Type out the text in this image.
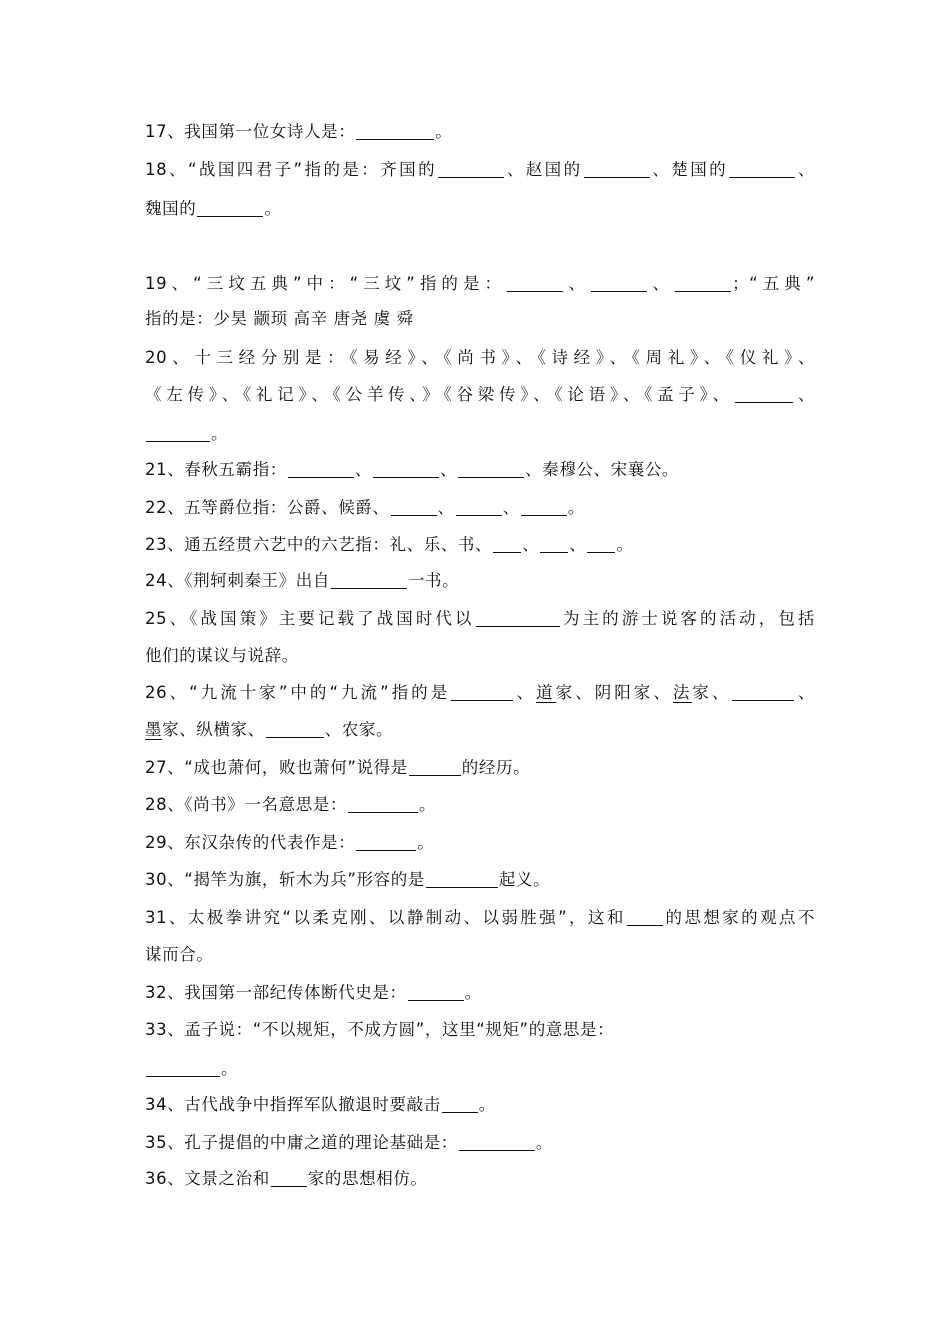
17、我国第一位女诗人是：	。
18、“战国四君子”指的是：齐国的	、赵国的	、楚国的	、
魏国的	。
19、“三坟五典”中：“三坟”指的是：	、	、	；“五典”
指的是：少昊 颛顼 高辛 唐尧 虞 舜
20、十三经分别是：《易经》、《尚书》、《诗经》、《周礼》、《仪礼》、
《左传》、《礼记》、《公羊传、》《谷梁传》、《论语》、《孟子》、	、
。
21、春秋五霸指：	、	、	、秦穆公、宋襄公。
22、五等爵位指：公爵、候爵、	、	、	。
23、通五经贯六艺中的六艺指：礼、乐、书、 、 、 。
24、《荆轲刺秦王》出自	一书。
25、《战国策》主要记载了战国时代以	为主的游士说客的活动，包括
他们的谋议与说辞。
26、“九流十家”中的“九流”指的是	、道家、阴阳家、法家、	、
墨家、纵横家、	、农家。
27、“成也萧何，败也萧何”说得是	的经历。
28、《尚书》一名意思是：	。
29、东汉杂传的代表作是：	。
30、“揭竿为旗，斩木为兵”形容的是	起义。
31、太极拳讲究“以柔克刚、以静制动、以弱胜强”，这和 的思想家的观点不
谋而合。
32、我国第一部纪传体断代史是：	。
33、孟子说：“不以规矩，不成方圆”，这里“规矩”的意思是：
。
34、古代战争中指挥军队撤退时要敲击 。
35、孔子提倡的中庸之道的理论基础是：	。
36、文景之治和 家的思想相仿。
